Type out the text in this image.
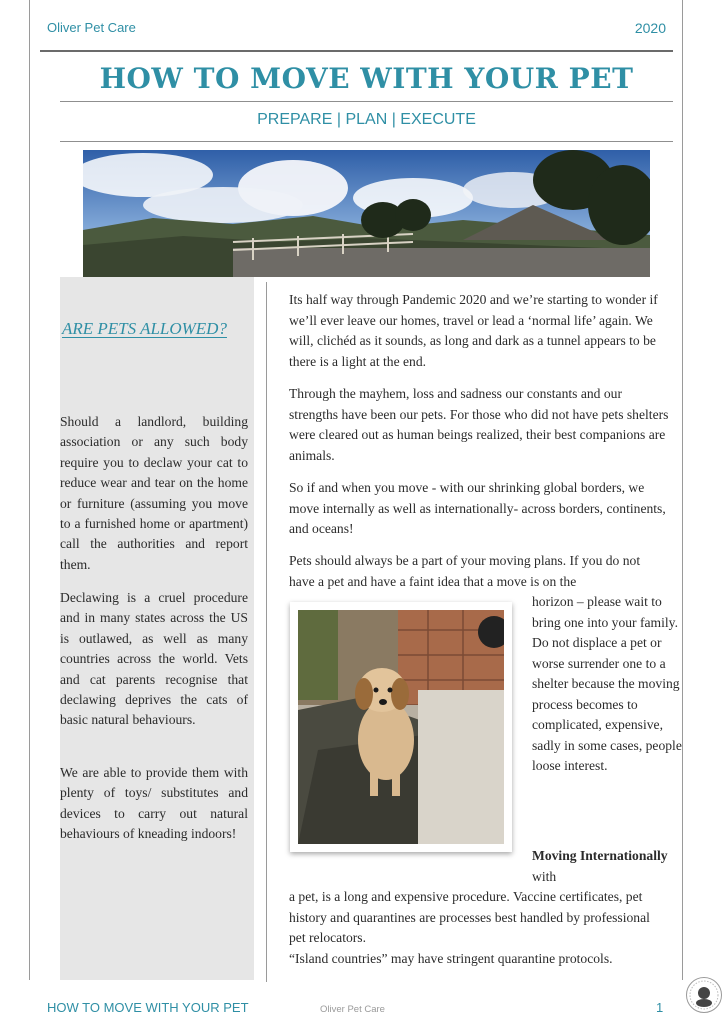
Oliver Pet Care	2020
HOW TO MOVE WITH YOUR PET
PREPARE | PLAN | EXECUTE
ARE PETS ALLOWED?
Should a landlord, building association or any such body require you to declaw your cat to reduce wear and tear on the home or furniture (assuming you move to a furnished home or apartment) call the authorities and report them.
Declawing is a cruel procedure and in many states across the US is outlawed, as well as many countries across the world. Vets and cat parents recognise that declawing deprives the cats of basic natural behaviours.
We are able to provide them with plenty of toys/ substitutes and devices to carry out natural behaviours of kneading indoors!
Its half way through Pandemic 2020 and we’re starting to wonder if we’ll ever leave our homes, travel or lead a ‘normal life’ again. We will, clichéd as it sounds, as long and dark as a tunnel appears to be there is a light at the end.
Through the mayhem, loss and sadness our constants and our strengths have been our pets. For those who did not have pets shelters were cleared out as human beings realized, their best companions are animals.
So if and when you move - with our shrinking global borders, we move internally as well as internationally- across borders, continents, and oceans!
Pets should always be a part of your moving plans. If you do not have a pet and have a faint idea that a move is on the
horizon – please wait to bring one into your family. Do not displace a pet or worse surrender one to a shelter because the moving process becomes to complicated, expensive, sadly in some cases, people loose interest.
Moving Internationally with
a pet, is a long and expensive procedure. Vaccine certificates, pet history and quarantines are processes best handled by professional pet relocators.
“Island countries” may have stringent quarantine protocols.
HOW TO MOVE WITH YOUR PET	Oliver Pet Care	1
